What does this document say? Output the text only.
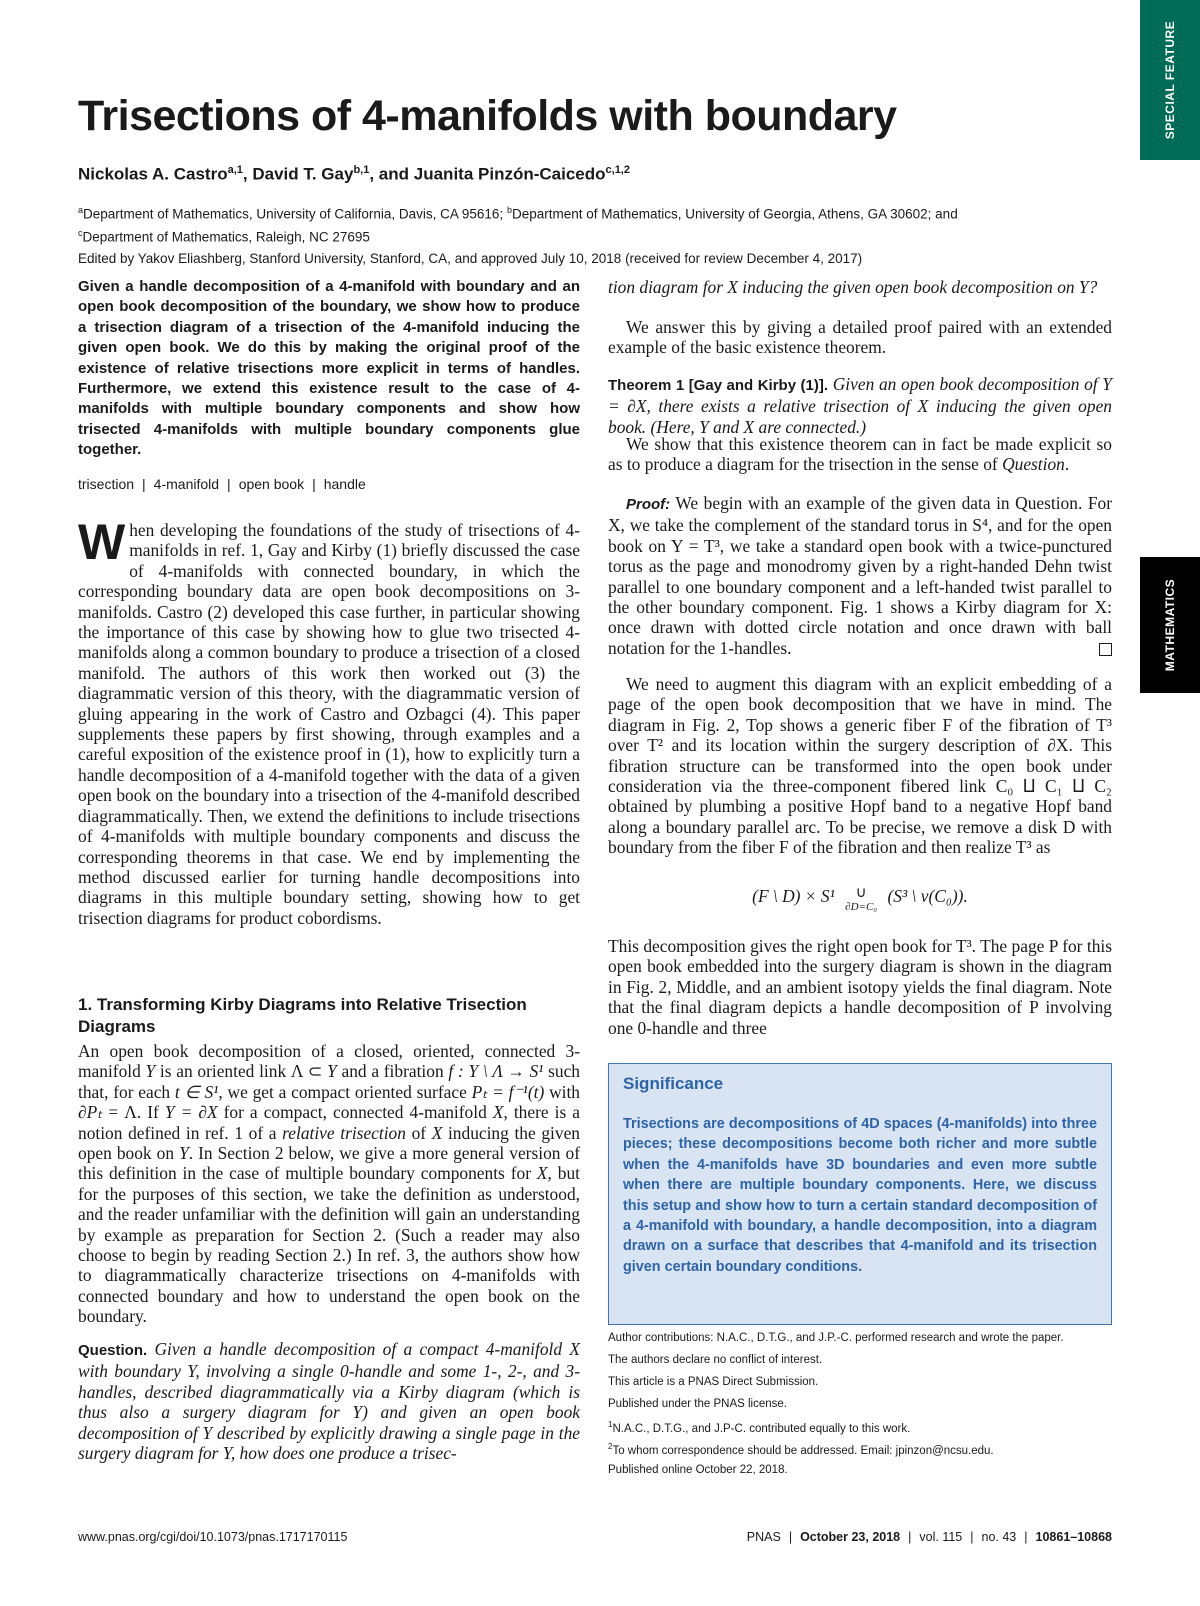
SPECIAL FEATURE
MATHEMATICS
Trisections of 4-manifolds with boundary
Nickolas A. Castro$^{a,1}$, David T. Gay$^{b,1}$, and Juanita Pinzón-Caicedo$^{c,1,2}$
$^a$Department of Mathematics, University of California, Davis, CA 95616; $^b$Department of Mathematics, University of Georgia, Athens, GA 30602; and
$^c$Department of Mathematics, Raleigh, NC 27695
Edited by Yakov Eliashberg, Stanford University, Stanford, CA, and approved July 10, 2018 (received for review December 4, 2017)

Given a handle decomposition of a 4-manifold with boundary and an open book decomposition of the boundary, we show how to produce a trisection diagram of a trisection of the 4-manifold inducing the given open book. We do this by making the original proof of the existence of relative trisections more explicit in terms of handles. Furthermore, we extend this existence result to the case of 4-manifolds with multiple boundary components and show how trisected 4-manifolds with multiple boundary components glue together.

trisection | 4-manifold | open book | handle

When developing the foundations of the study of trisections of 4-manifolds in ref. 1, Gay and Kirby (1) briefly discussed the case of 4-manifolds with connected boundary, in which the corresponding boundary data are open book decompositions on 3-manifolds. Castro (2) developed this case further, in particular showing the importance of this case by showing how to glue two trisected 4-manifolds along a common boundary to produce a trisection of a closed manifold. The authors of this work then worked out (3) the diagrammatic version of this theory, with the diagrammatic version of gluing appearing in the work of Castro and Ozbagci (4). This paper supplements these papers by first showing, through examples and a careful exposition of the existence proof in (1), how to explicitly turn a handle decomposition of a 4-manifold together with the data of a given open book on the boundary into a trisection of the 4-manifold described diagrammatically. Then, we extend the definitions to include trisections of 4-manifolds with multiple boundary components and discuss the corresponding theorems in that case. We end by implementing the method discussed earlier for turning handle decompositions into diagrams in this multiple boundary setting, showing how to get trisection diagrams for product cobordisms.

1. Transforming Kirby Diagrams into Relative Trisection Diagrams

An open book decomposition of a closed, oriented, connected 3-manifold Y is an oriented link Λ ⊂ Y and a fibration f : Y \ Λ → S¹ such that, for each t ∈ S¹, we get a compact oriented surface Pₜ = f⁻¹(t) with ∂Pₜ = Λ. If Y = ∂X for a compact, connected 4-manifold X, there is a notion defined in ref. 1 of a relative trisection of X inducing the given open book on Y. In Section 2 below, we give a more general version of this definition in the case of multiple boundary components for X, but for the purposes of this section, we take the definition as understood, and the reader unfamiliar with the definition will gain an understanding by example as preparation for Section 2. (Such a reader may also choose to begin by reading Section 2.) In ref. 3, the authors show how to diagrammatically characterize trisections on 4-manifolds with connected boundary and how to understand the open book on the boundary.

Question. Given a handle decomposition of a compact 4-manifold X with boundary Y, involving a single 0-handle and some 1-, 2-, and 3-handles, described diagrammatically via a Kirby diagram (which is thus also a surgery diagram for Y) and given an open book decomposition of Y described by explicitly drawing a single page in the surgery diagram for Y, how does one produce a trisec-

tion diagram for X inducing the given open book decomposition on Y?

We answer this by giving a detailed proof paired with an extended example of the basic existence theorem.

Theorem 1 [Gay and Kirby (1)]. Given an open book decomposition of Y = ∂X, there exists a relative trisection of X inducing the given open book. (Here, Y and X are connected.)

We show that this existence theorem can in fact be made explicit so as to produce a diagram for the trisection in the sense of Question.

Proof: We begin with an example of the given data in Question. For X, we take the complement of the standard torus in S⁴, and for the open book on Y = T³, we take a standard open book with a twice-punctured torus as the page and monodromy given by a right-handed Dehn twist parallel to one boundary component and a left-handed twist parallel to the other boundary component. Fig. 1 shows a Kirby diagram for X: once drawn with dotted circle notation and once drawn with ball notation for the 1-handles.

We need to augment this diagram with an explicit embedding of a page of the open book decomposition that we have in mind. The diagram in Fig. 2, Top shows a generic fiber F of the fibration of T³ over T² and its location within the surgery description of ∂X. This fibration structure can be transformed into the open book under consideration via the three-component fibered link C₀ ⨿ C₁ ⨿ C₂ obtained by plumbing a positive Hopf band to a negative Hopf band along a boundary parallel arc. To be precise, we remove a disk D with boundary from the fiber F of the fibration and then realize T³ as

(F \ D) × S¹	∪
∂D=C₀
(S³ \ ν(C₀)).

This decomposition gives the right open book for T³. The page P for this open book embedded into the surgery diagram is shown in the diagram in Fig. 2, Middle, and an ambient isotopy yields the final diagram. Note that the final diagram depicts a handle decomposition of P involving one 0-handle and three

Significance

Trisections are decompositions of 4D spaces (4-manifolds) into three pieces; these decompositions become both richer and more subtle when the 4-manifolds have 3D boundaries and even more subtle when there are multiple boundary components. Here, we discuss this setup and show how to turn a certain standard decomposition of a 4-manifold with boundary, a handle decomposition, into a diagram drawn on a surface that describes that 4-manifold and its trisection given certain boundary conditions.

Author contributions: N.A.C., D.T.G., and J.P.-C. performed research and wrote the paper.
The authors declare no conflict of interest.
This article is a PNAS Direct Submission.
Published under the PNAS license.
$^1$N.A.C., D.T.G., and J.P-C. contributed equally to this work.
$^2$To whom correspondence should be addressed. Email: jpinzon@ncsu.edu.
Published online October 22, 2018.
www.pnas.org/cgi/doi/10.1073/pnas.1717170115	PNAS | October 23, 2018 | vol. 115 | no. 43 | 10861–10868
